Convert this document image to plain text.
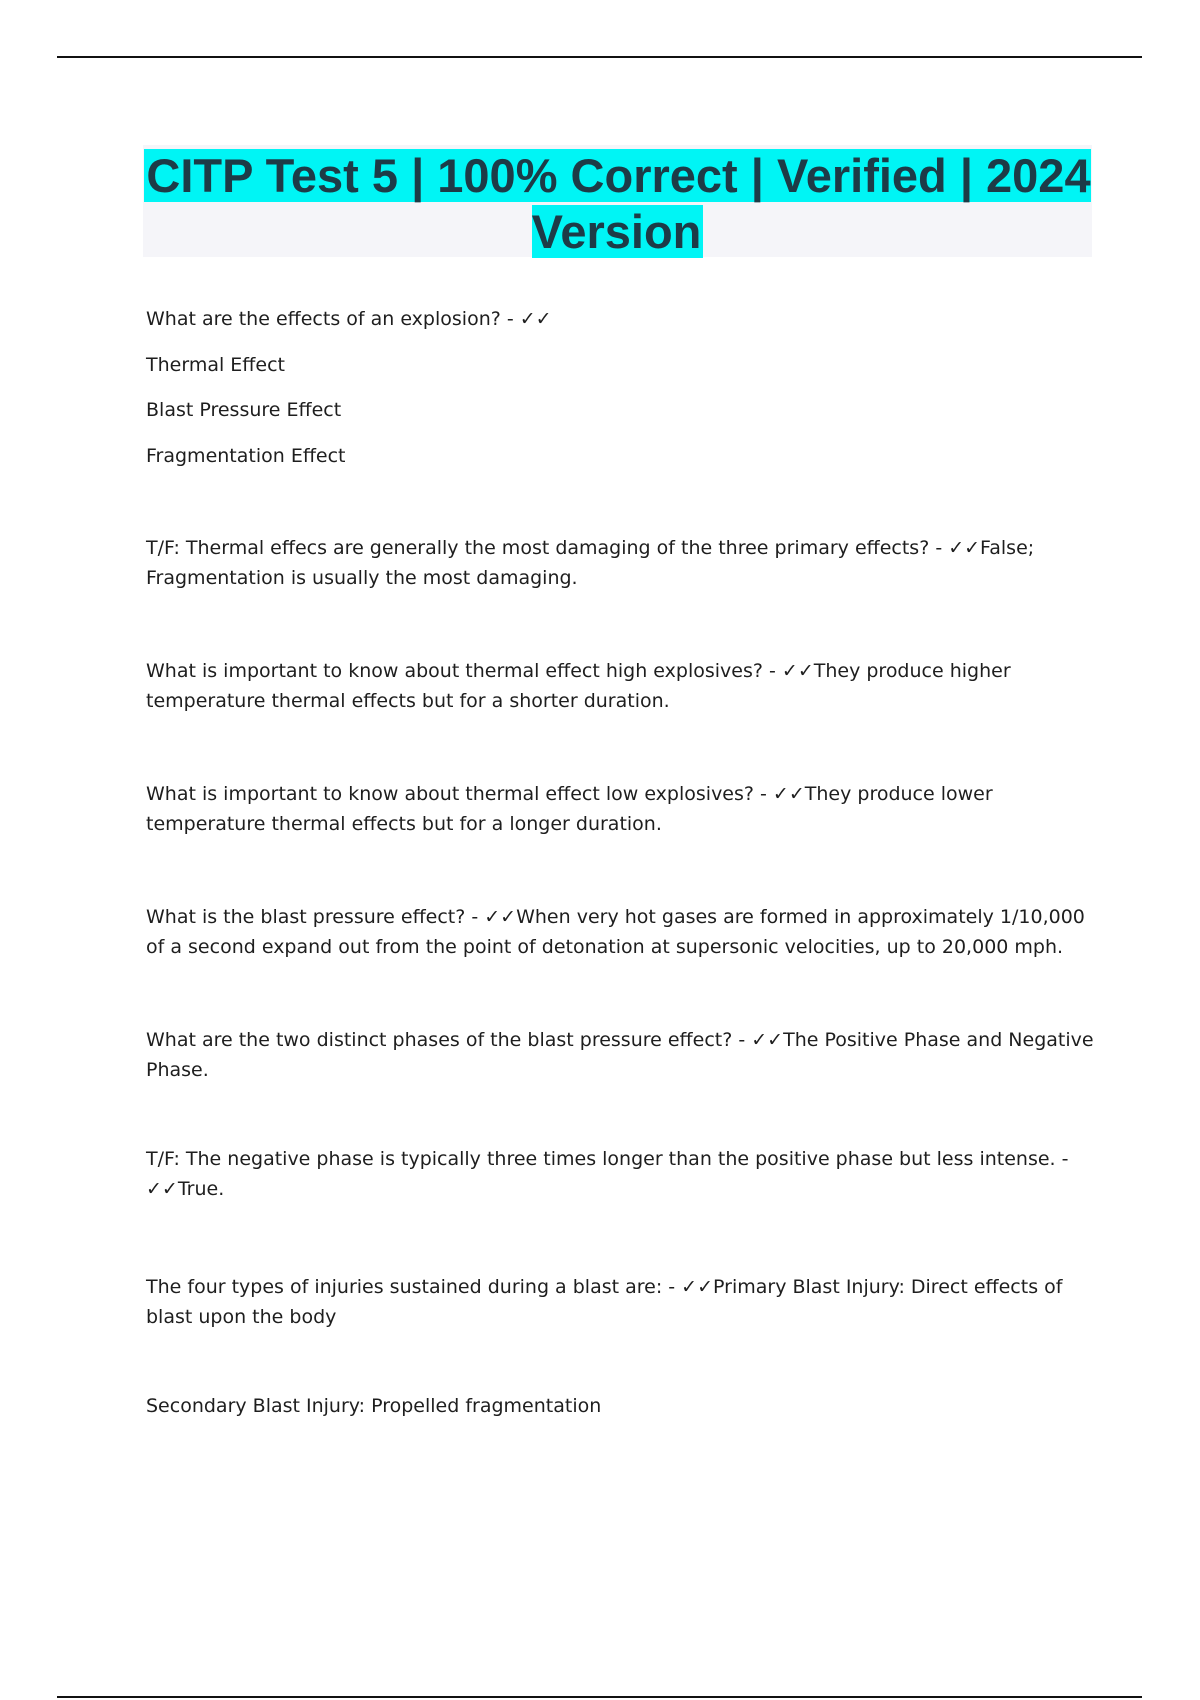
CITP Test 5 | 100% Correct | Verified | 2024 Version

What are the effects of an explosion? - ✓✓

Thermal Effect

Blast Pressure Effect

Fragmentation Effect

T/F: Thermal effecs are generally the most damaging of the three primary effects? - ✓✓False; Fragmentation is usually the most damaging.

What is important to know about thermal effect high explosives? - ✓✓They produce higher temperature thermal effects but for a shorter duration.

What is important to know about thermal effect low explosives? - ✓✓They produce lower temperature thermal effects but for a longer duration.

What is the blast pressure effect? - ✓✓When very hot gases are formed in approximately 1/10,000 of a second expand out from the point of detonation at supersonic velocities, up to 20,000 mph.

What are the two distinct phases of the blast pressure effect? - ✓✓The Positive Phase and Negative Phase.

T/F: The negative phase is typically three times longer than the positive phase but less intense. - ✓✓True.

The four types of injuries sustained during a blast are: - ✓✓Primary Blast Injury: Direct effects of blast upon the body

Secondary Blast Injury: Propelled fragmentation
